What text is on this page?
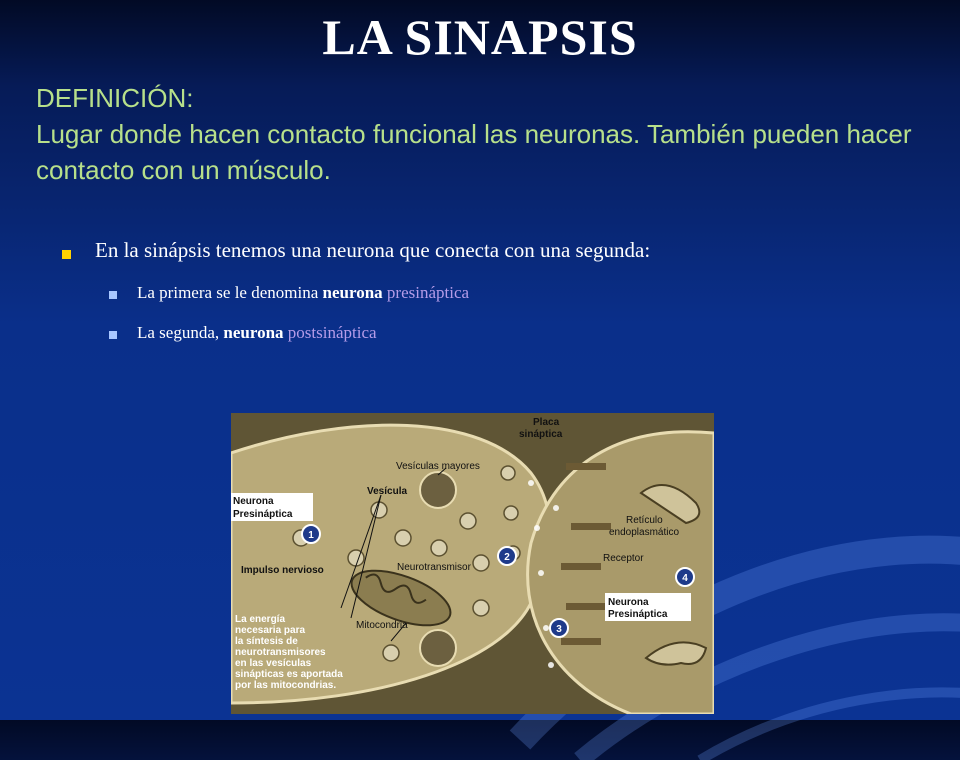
LA SINAPSIS
DEFINICIÓN:
Lugar donde hacen contacto funcional las neuronas. También pueden hacer contacto con un músculo.
En la sinápsis tenemos una neurona que conecta con una segunda:
La primera se le denomina neurona presináptica
La segunda, neurona postsináptica
Placa
sináptica
Vesículas mayores
Vesícula
Neurona
Presináptica
Impulso nervioso	Neurotransmisor
Mitocondria
Retículo
endoplasmático
Receptor
Neurona
Presináptica
La energía
necesaria para
la síntesis de
neurotransmisores
en las vesículas
sinápticas es aportada
por las mitocondrias.
1
2
3
4
